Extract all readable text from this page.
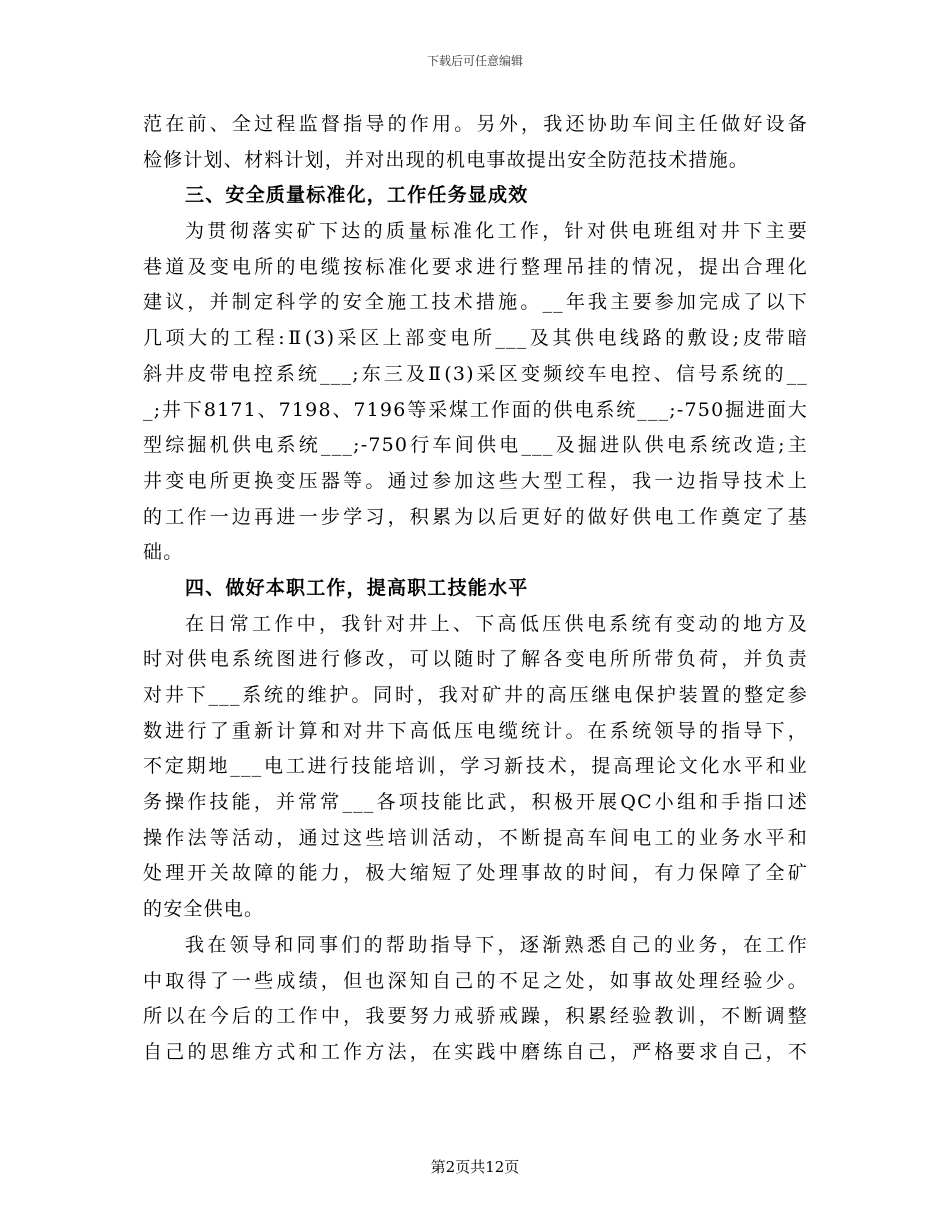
下载后可任意编辑
范在前、全过程监督指导的作用。另外，我还协助车间主任做好设备
检修计划、材料计划，并对出现的机电事故提出安全防范技术措施。
三、安全质量标准化，工作任务显成效
为贯彻落实矿下达的质量标准化工作，针对供电班组对井下主要
巷道及变电所的电缆按标准化要求进行整理吊挂的情况，提出合理化
建议，并制定科学的安全施工技术措施。__年我主要参加完成了以下
几项大的工程:Ⅱ(3)采区上部变电所___及其供电线路的敷设;皮带暗
斜井皮带电控系统___;东三及Ⅱ(3)采区变频绞车电控、信号系统的__
_;井下8171、7198、7196等采煤工作面的供电系统___;-750掘进面大
型综掘机供电系统___;-750行车间供电___及掘进队供电系统改造;主
井变电所更换变压器等。通过参加这些大型工程，我一边指导技术上
的工作一边再进一步学习，积累为以后更好的做好供电工作奠定了基
础。
四、做好本职工作，提高职工技能水平
在日常工作中，我针对井上、下高低压供电系统有变动的地方及
时对供电系统图进行修改，可以随时了解各变电所所带负荷，并负责
对井下___系统的维护。同时，我对矿井的高压继电保护装置的整定参
数进行了重新计算和对井下高低压电缆统计。在系统领导的指导下，
不定期地___电工进行技能培训，学习新技术，提高理论文化水平和业
务操作技能，并常常___各项技能比武，积极开展QC小组和手指口述
操作法等活动，通过这些培训活动，不断提高车间电工的业务水平和
处理开关故障的能力，极大缩短了处理事故的时间，有力保障了全矿
的安全供电。
我在领导和同事们的帮助指导下，逐渐熟悉自己的业务，在工作
中取得了一些成绩，但也深知自己的不足之处，如事故处理经验少。
所以在今后的工作中，我要努力戒骄戒躁，积累经验教训，不断调整
自己的思维方式和工作方法，在实践中磨练自己，严格要求自己，不
第2页共12页
